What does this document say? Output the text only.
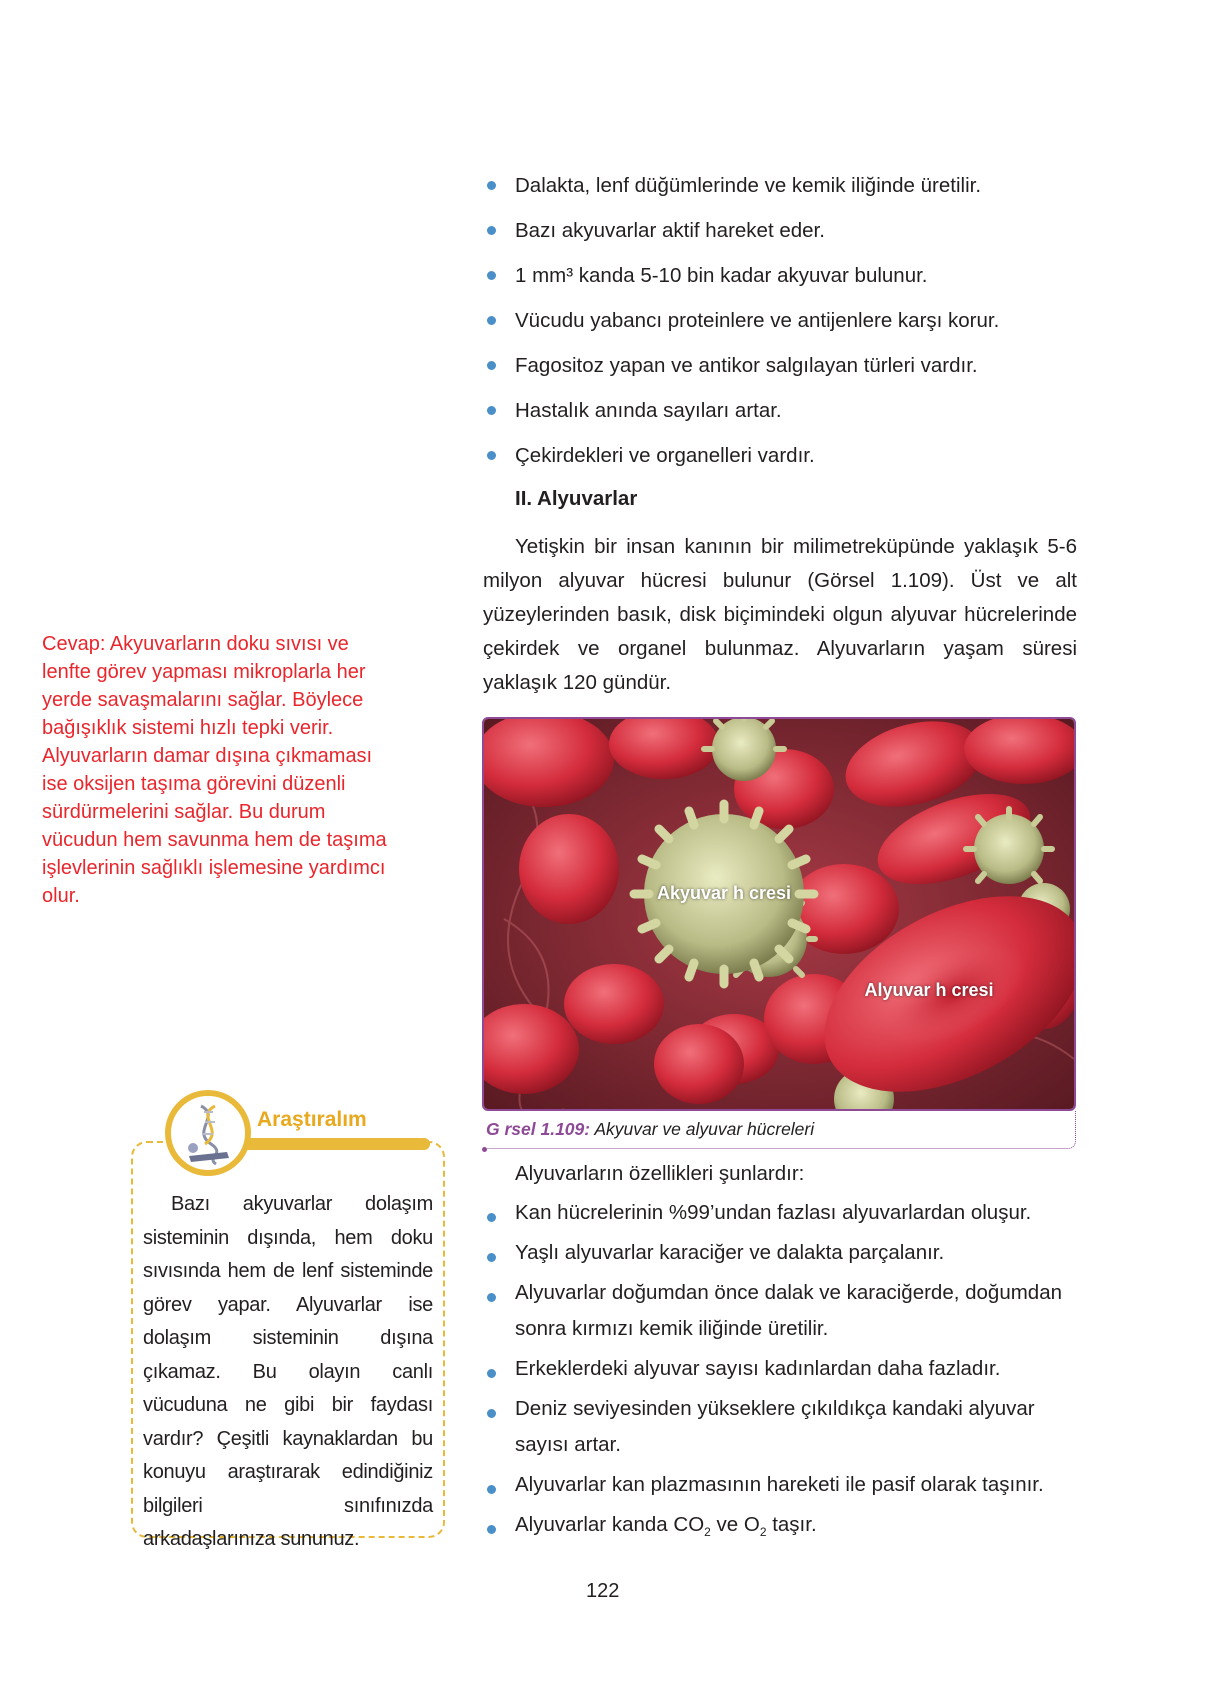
Dalakta, lenf düğümlerinde ve kemik iliğinde üretilir.
Bazı akyuvarlar aktif hareket eder.
1 mm³ kanda 5-10 bin kadar akyuvar bulunur.
Vücudu yabancı proteinlere ve antijenlere karşı korur.
Fagositoz yapan ve antikor salgılayan türleri vardır.
Hastalık anında sayıları artar.
Çekirdekleri ve organelleri vardır.
II. Alyuvarlar
Yetişkin bir insan kanının bir milimetreküpünde yaklaşık 5-6 milyon alyuvar hücresi bulunur (Görsel 1.109). Üst ve alt yüzeylerinden basık, disk biçimindeki olgun alyuvar hücrelerinde çekirdek ve organel bulunmaz. Alyuvarların yaşam süresi yaklaşık 120 gündür.
Akyuvar h cresi
Alyuvar h cresi
G rsel 1.109: Akyuvar ve alyuvar hücreleri
Alyuvarların özellikleri şunlardır:
Kan hücrelerinin %99’undan fazlası alyuvarlardan oluşur.
Yaşlı alyuvarlar karaciğer ve dalakta parçalanır.
Alyuvarlar doğumdan önce dalak ve karaciğerde, doğumdan sonra kırmızı kemik iliğinde üretilir.
Erkeklerdeki alyuvar sayısı kadınlardan daha fazladır.
Deniz seviyesinden yükseklere çıkıldıkça kandaki alyuvar sayısı artar.
Alyuvarlar kan plazmasının hareketi ile pasif olarak taşınır.
Alyuvarlar kanda $CO_2$ ve $O_2$ taşır.
Cevap: Akyuvarların doku sıvısı ve lenfte görev yapması mikroplarla her yerde savaşmalarını sağlar. Böylece bağışıklık sistemi hızlı tepki verir. Alyuvarların damar dışına çıkmaması ise oksijen taşıma görevini düzenli sürdürmelerini sağlar. Bu durum vücudun hem savunma hem de taşıma işlevlerinin sağlıklı işlemesine yardımcı olur.
Araştıralım
Bazı akyuvarlar dolaşım sisteminin dışında, hem doku sıvısında hem de lenf sisteminde görev yapar. Alyuvarlar ise dolaşım sisteminin dışına çıkamaz. Bu olayın canlı vücuduna ne gibi bir faydası vardır? Çeşitli kaynaklardan bu konuyu araştırarak edindiğiniz bilgileri sınıfınızda arkadaşlarınıza sununuz.
122
